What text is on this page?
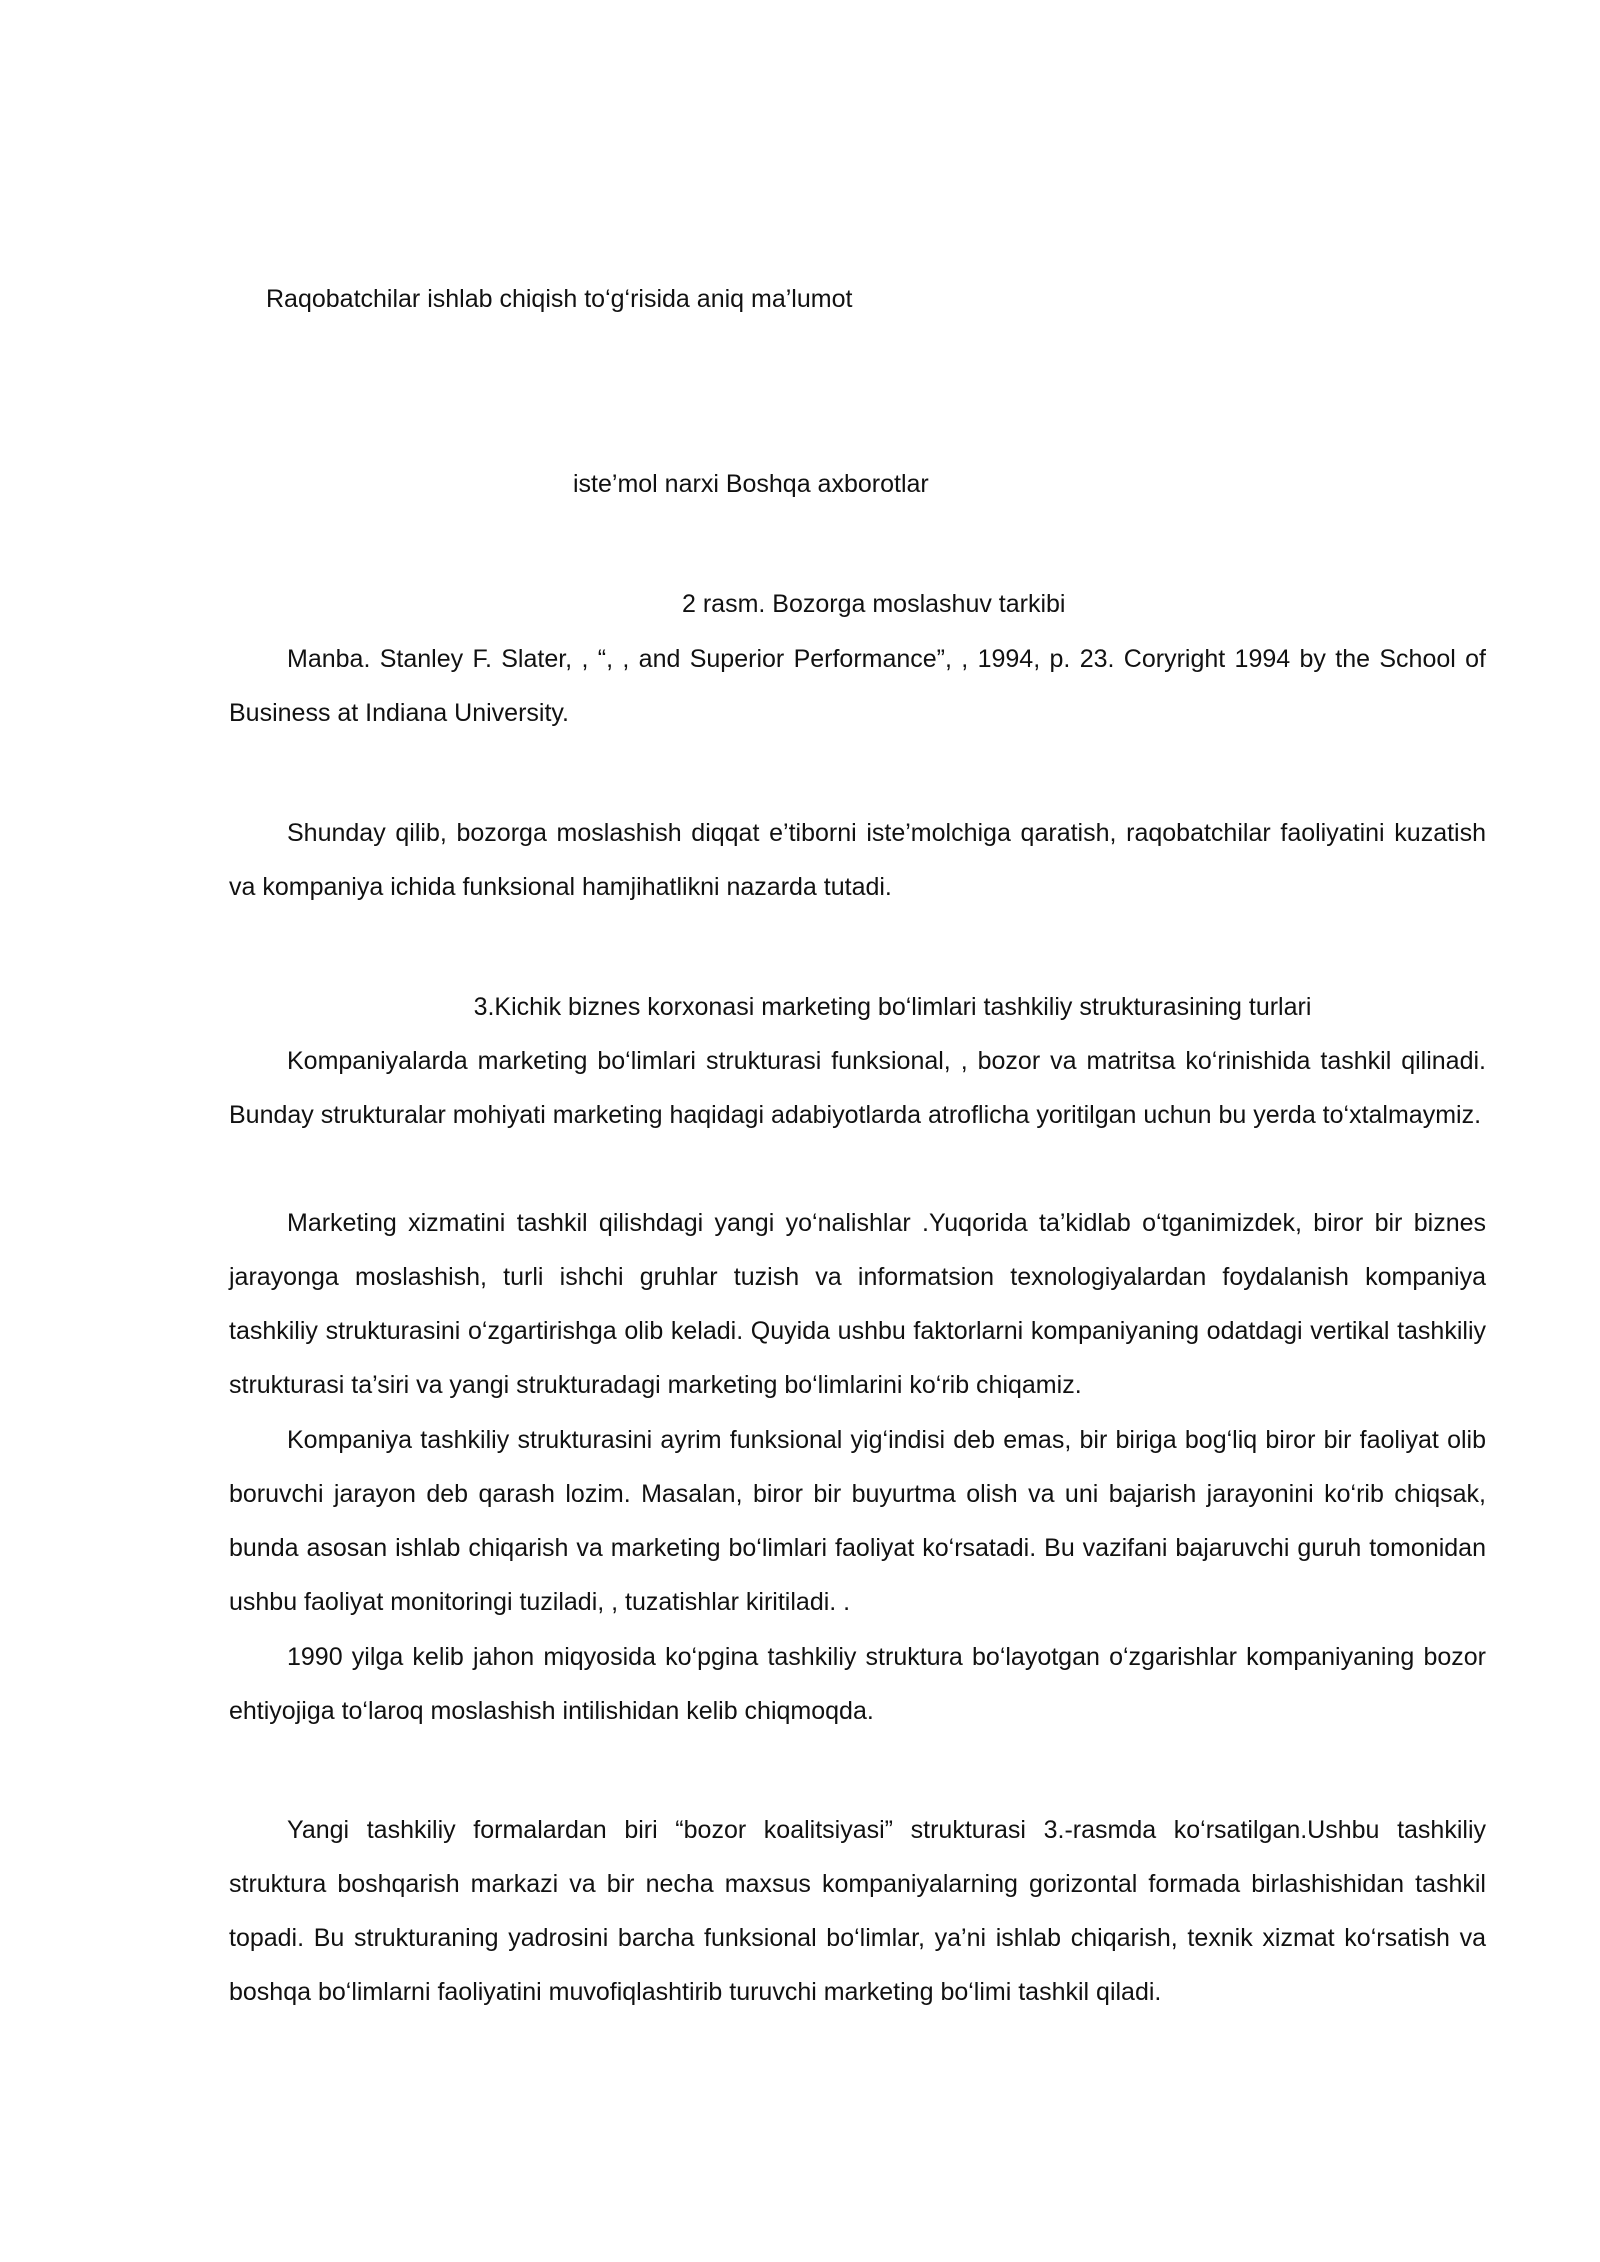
Raqobatchilar ishlab chiqish to‘g‘risida aniq ma’lumot
iste’mol narxi Boshqa axborotlar
2 rasm. Bozorga moslashuv tarkibi
Manba. Stanley F. Slater, , “, , and Superior Performance”, , 1994, p. 23. Coryright 1994 by the School of Business at Indiana University.
Shunday qilib, bozorga moslashish diqqat e’tiborni iste’molchiga qaratish, raqobatchilar faoliyatini kuzatish va kompaniya ichida funksional hamjihatlikni nazarda tutadi.
3.Kichik biznes korxonasi marketing bo‘limlari tashkiliy strukturasining turlari
Kompaniyalarda marketing bo‘limlari strukturasi funksional, , bozor va matritsa ko‘rinishida tashkil qilinadi. Bunday strukturalar mohiyati marketing haqidagi adabiyotlarda atroflicha yoritilgan uchun bu yerda to‘xtalmaymiz.
Marketing xizmatini tashkil qilishdagi yangi yo‘nalishlar .Yuqorida ta’kidlab o‘tganimizdek, biror bir biznes jarayonga moslashish, turli ishchi gruhlar tuzish va informatsion texnologiyalardan foydalanish kompaniya tashkiliy strukturasini o‘zgartirishga olib keladi. Quyida ushbu faktorlarni kompaniyaning odatdagi vertikal tashkiliy strukturasi ta’siri va yangi strukturadagi marketing bo‘limlarini ko‘rib chiqamiz.
Kompaniya tashkiliy strukturasini ayrim funksional yig‘indisi deb emas, bir biriga bog‘liq biror bir faoliyat olib boruvchi jarayon deb qarash lozim. Masalan, biror bir buyurtma olish va uni bajarish jarayonini ko‘rib chiqsak, bunda asosan ishlab chiqarish va marketing bo‘limlari faoliyat ko‘rsatadi. Bu vazifani bajaruvchi guruh tomonidan ushbu faoliyat monitoringi tuziladi, , tuzatishlar kiritiladi. .
1990 yilga kelib jahon miqyosida ko‘pgina tashkiliy struktura bo‘layotgan o‘zgarishlar kompaniyaning bozor ehtiyojiga to‘laroq moslashish intilishidan kelib chiqmoqda.
Yangi tashkiliy formalardan biri “bozor koalitsiyasi” strukturasi 3.-rasmda ko‘rsatilgan.Ushbu tashkiliy struktura boshqarish markazi va bir necha maxsus kompaniyalarning gorizontal formada birlashishidan tashkil topadi. Bu strukturaning yadrosini barcha funksional bo‘limlar, ya’ni ishlab chiqarish, texnik xizmat ko‘rsatish va boshqa bo‘limlarni faoliyatini muvofiqlashtirib turuvchi marketing bo‘limi tashkil qiladi.
